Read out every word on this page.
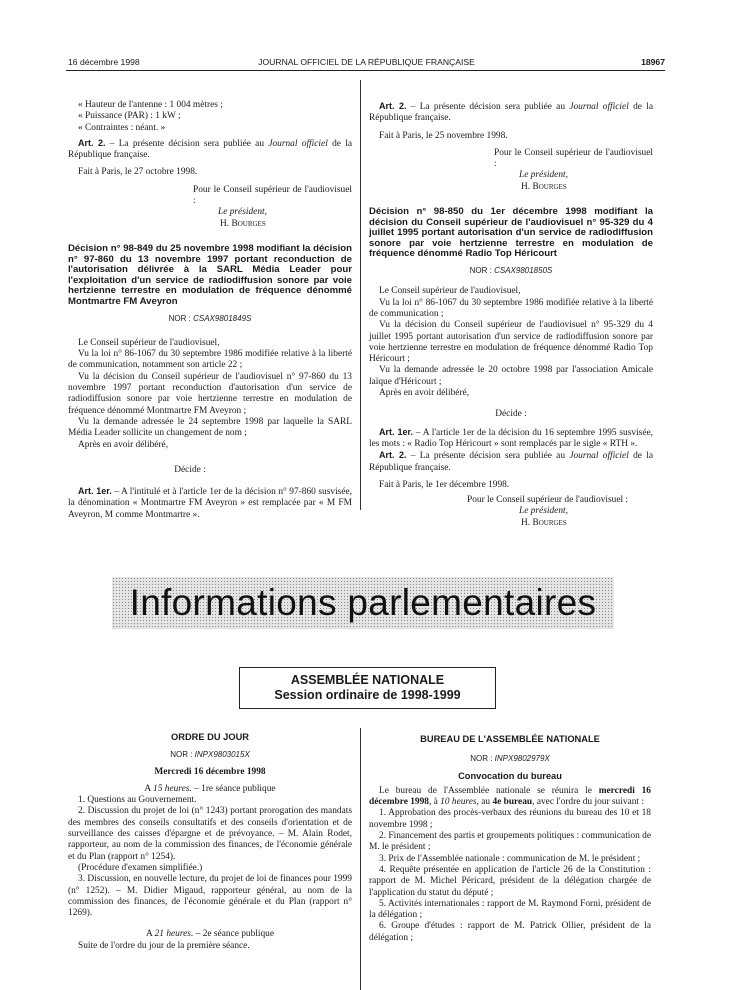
16 décembre 1998	JOURNAL OFFICIEL DE LA RÉPUBLIQUE FRANÇAISE	18967

« Hauteur de l'antenne : 1 004 mètres ;

« Puissance (PAR) : 1 kW ;

« Contraintes : néant. »

Art. 2. – La présente décision sera publiée au Journal officiel de la République française.

Fait à Paris, le 27 octobre 1998.

Pour le Conseil supérieur de l'audiovisuel :

Le président,

H. Bourges

Décision n° 98-849 du 25 novembre 1998 modifiant la décision n° 97-860 du 13 novembre 1997 portant reconduction de l'autorisation délivrée à la SARL Média Leader pour l'exploitation d'un service de radiodiffusion sonore par voie hertzienne terrestre en modulation de fréquence dénommé Montmartre FM Aveyron

NOR : CSAX9801849S

Le Conseil supérieur de l'audiovisuel,

Vu la loi n° 86-1067 du 30 septembre 1986 modifiée relative à la liberté de communication, notamment son article 22 ;

Vu la décision du Conseil supérieur de l'audiovisuel n° 97-860 du 13 novembre 1997 portant reconduction d'autorisation d'un service de radiodiffusion sonore par voie hertzienne terrestre en modulation de fréquence dénommé Montmartre FM Aveyron ;

Vu la demande adressée le 24 septembre 1998 par laquelle la SARL Média Leader sollicite un changement de nom ;

Après en avoir délibéré,

Décide :

Art. 1er. – A l'intitulé et à l'article 1er de la décision n° 97-860 susvisée, la dénomination « Montmartre FM Aveyron » est remplacée par « M FM Aveyron, M comme Montmartre ».

Art. 2. – La présente décision sera publiée au Journal officiel de la République française.

Fait à Paris, le 25 novembre 1998.

Pour le Conseil supérieur de l'audiovisuel :

Le président,

H. Bourges

Décision n° 98-850 du 1er décembre 1998 modifiant la décision du Conseil supérieur de l'audiovisuel n° 95-329 du 4 juillet 1995 portant autorisation d'un service de radiodiffusion sonore par voie hertzienne terrestre en modulation de fréquence dénommé Radio Top Héricourt

NOR : CSAX9801850S

Le Conseil supérieur de l'audiovisuel,

Vu la loi n° 86-1067 du 30 septembre 1986 modifiée relative à la liberté de communication ;

Vu la décision du Conseil supérieur de l'audiovisuel n° 95-329 du 4 juillet 1995 portant autorisation d'un service de radiodiffusion sonore par voie hertzienne terrestre en modulation de fréquence dénommé Radio Top Héricourt ;

Vu la demande adressée le 20 octobre 1998 par l'association Amicale laïque d'Héricourt ;

Après en avoir délibéré,

Décide :

Art. 1er. – A l'article 1er de la décision du 16 septembre 1995 susvisée, les mots : « Radio Top Héricourt » sont remplacés par le sigle « RTH ».

Art. 2. – La présente décision sera publiée au Journal officiel de la République française.

Fait à Paris, le 1er décembre 1998.

Pour le Conseil supérieur de l'audiovisuel :

Le président,

H. Bourges

Informations parlementaires
ASSEMBLÉE NATIONALE
Session ordinaire de 1998-1999

ORDRE DU JOUR

NOR : INPX9803015X

Mercredi 16 décembre 1998

A 15 heures. – 1re séance publique

1. Questions au Gouvernement.

2. Discussion du projet de loi (n° 1243) portant prorogation des mandats des membres des conseils consultatifs et des conseils d'orientation et de surveillance des caisses d'épargne et de prévoyance. – M. Alain Rodet, rapporteur, au nom de la commission des finances, de l'économie générale et du Plan (rapport n° 1254).

(Procédure d'examen simplifiée.)

3. Discussion, en nouvelle lecture, du projet de loi de finances pour 1999 (n° 1252). – M. Didier Migaud, rapporteur général, au nom de la commission des finances, de l'économie générale et du Plan (rapport n° 1269).

A 21 heures. – 2e séance publique

Suite de l'ordre du jour de la première séance.

BUREAU DE L'ASSEMBLÉE NATIONALE

NOR : INPX9802979X

Convocation du bureau

Le bureau de l'Assemblée nationale se réunira le mercredi 16 décembre 1998, à 10 heures, au 4e bureau, avec l'ordre du jour suivant :

1. Approbation des procès-verbaux des réunions du bureau des 10 et 18 novembre 1998 ;

2. Financement des partis et groupements politiques : communication de M. le président ;

3. Prix de l'Assemblée nationale : communication de M. le président ;

4. Requête présentée en application de l'article 26 de la Constitution : rapport de M. Michel Péricard, président de la délégation chargée de l'application du statut du député ;

5. Activités internationales : rapport de M. Raymond Forni, président de la délégation ;

6. Groupe d'études : rapport de M. Patrick Ollier, président de la délégation ;
